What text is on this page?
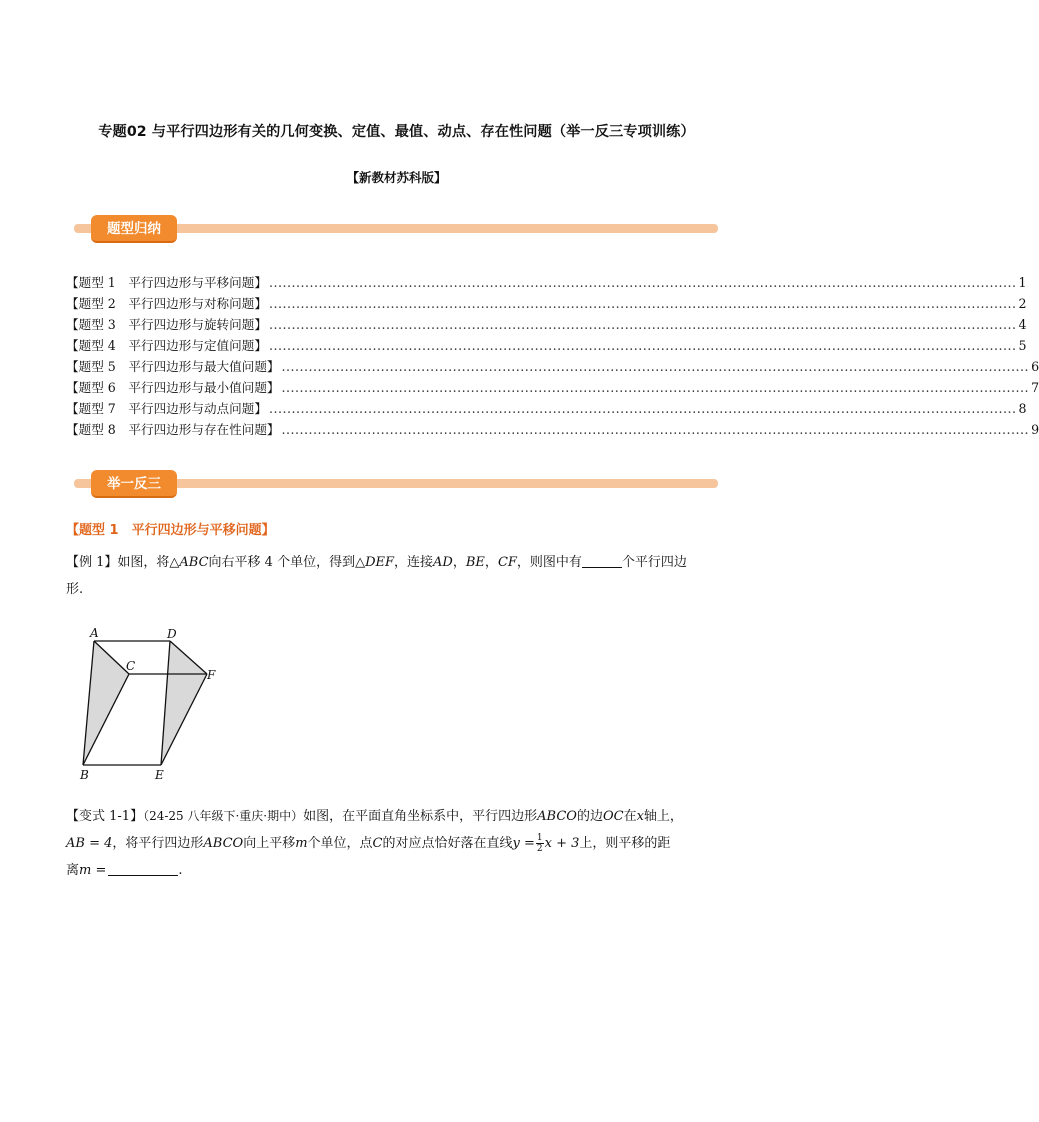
专题02 与平行四边形有关的几何变换、定值、最值、动点、存在性问题（举一反三专项训练）
【新教材苏科版】
题型归纳
【题型 1　平行四边形与平移问题】 ...................................................................................................................................................................... 1
【题型 2　平行四边形与对称问题】 ...................................................................................................................................................................... 2
【题型 3　平行四边形与旋转问题】 ...................................................................................................................................................................... 4
【题型 4　平行四边形与定值问题】 ...................................................................................................................................................................... 5
【题型 5　平行四边形与最大值问题】 ...................................................................................................................................................................... 6
【题型 6　平行四边形与最小值问题】 ...................................................................................................................................................................... 7
【题型 7　平行四边形与动点问题】 ...................................................................................................................................................................... 8
【题型 8　平行四边形与存在性问题】 ...................................................................................................................................................................... 9
举一反三
【题型 1　平行四边形与平移问题】
【例 1】如图，将△ABC向右平移 4 个单位，得到△DEF，连接AD，BE，CF，则图中有	个平行四边
形.
A	D
C
F
B	E
【变式 1-1】（24-25 八年级下·重庆·期中）如图，在平面直角坐标系中，平行四边形ABCO的边OC在x轴上，
AB = 4，将平行四边形ABCO向上平移m个单位，点C的对应点恰好落在直线$y = \frac{1}{2}$ x + 3上，则平移的距
离m =	.
